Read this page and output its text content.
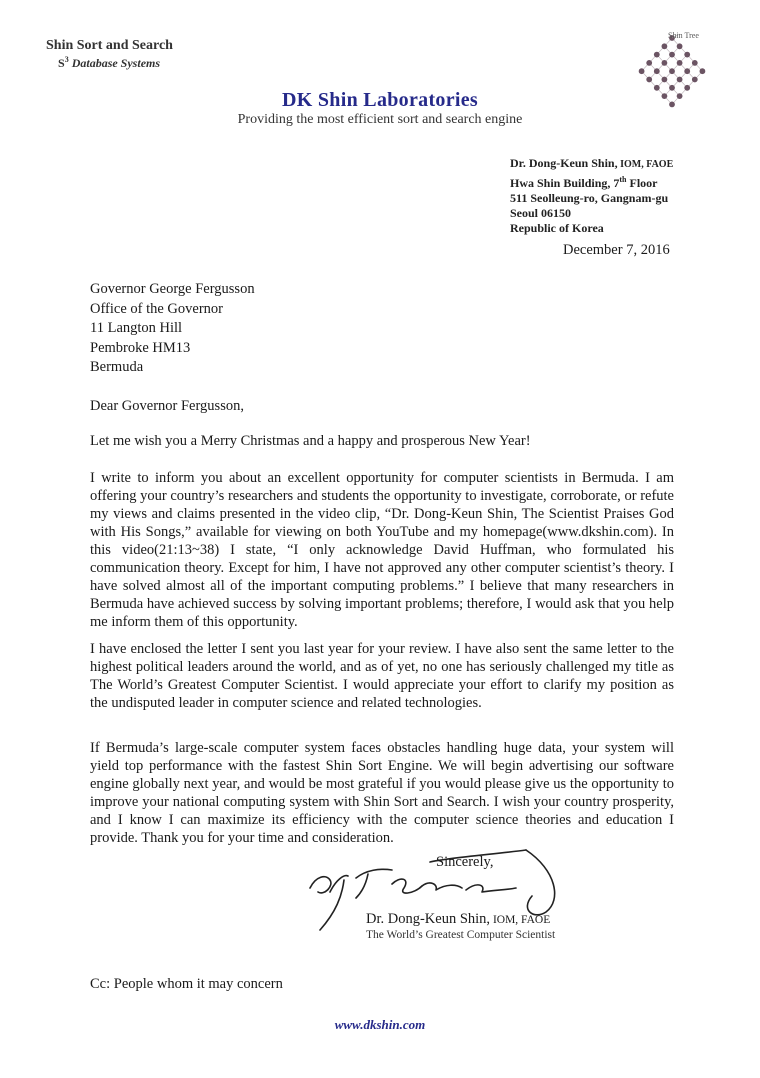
Shin Sort and Search
$S^3$ Database Systems
DK Shin Laboratories
Providing the most efficient sort and search engine
Shin Tree
Dr. Dong-Keun Shin, IOM, FAOE
Hwa Shin Building, 7th Floor
511 Seolleung-ro, Gangnam-gu
Seoul 06150
Republic of Korea
December 7, 2016
Governor George Fergusson
Office of the Governor
11 Langton Hill
Pembroke HM13
Bermuda
Dear Governor Fergusson,
Let me wish you a Merry Christmas and a happy and prosperous New Year!

I write to inform you about an excellent opportunity for computer scientists in Bermuda. I am offering your country’s researchers and students the opportunity to investigate, corroborate, or refute my views and claims presented in the video clip, “Dr. Dong-Keun Shin, The Scientist Praises God with His Songs,” available for viewing on both YouTube and my homepage(www.dkshin.com). In this video(21:13~38) I state, “I only acknowledge David Huffman, who formulated his communication theory. Except for him, I have not approved any other computer scientist’s theory. I have solved almost all of the important computing problems.” I believe that many researchers in Bermuda have achieved success by solving important problems; therefore, I would ask that you help me inform them of this opportunity.

I have enclosed the letter I sent you last year for your review. I have also sent the same letter to the highest political leaders around the world, and as of yet, no one has seriously challenged my title as The World’s Greatest Computer Scientist. I would appreciate your effort to clarify my position as the undisputed leader in computer science and related technologies.

If Bermuda’s large-scale computer system faces obstacles handling huge data, your system will yield top performance with the fastest Shin Sort Engine. We will begin advertising our software engine globally next year, and would be most grateful if you would please give us the opportunity to improve your national computing system with Shin Sort and Search. I wish your country prosperity, and I know I can maximize its efficiency with the computer science theories and education I provide. Thank you for your time and consideration.

Sincerely,
Dr. Dong-Keun Shin, IOM, FAOE
The World’s Greatest Computer Scientist
Cc: People whom it may concern
www.dkshin.com
